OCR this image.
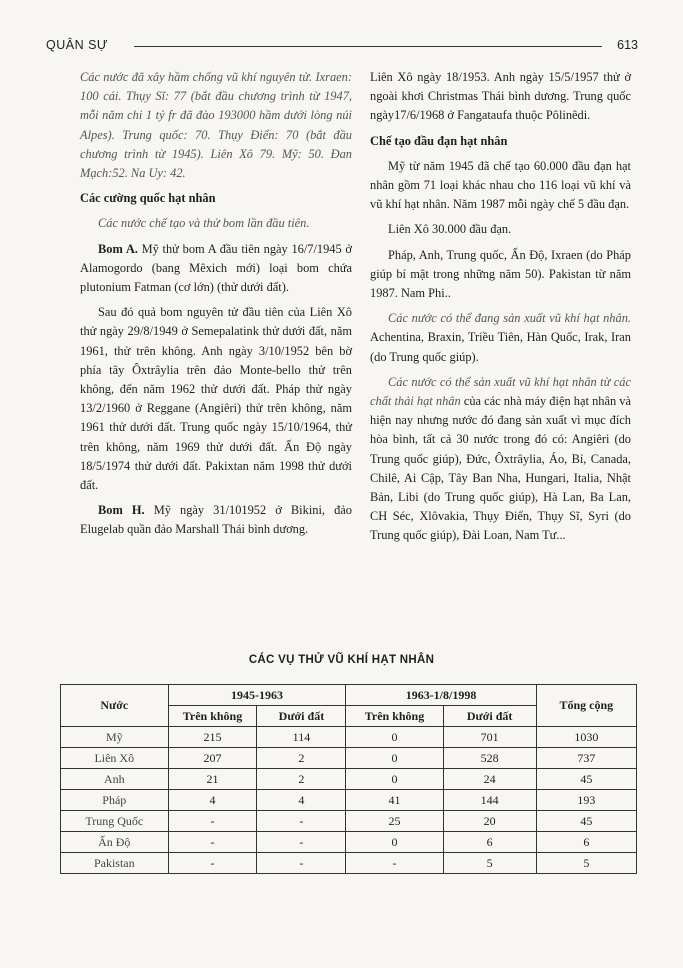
QUÂN SỰ	613

Các nước đã xây hầm chống vũ khí nguyên tử. Ixraen: 100 cái. Thụy Sĩ: 77 (bắt đầu chương trình từ 1947, mỗi năm chi 1 tỷ fr đã đào 193000 hầm dưới lòng núi Alpes). Trung quốc: 70. Thụy Điển: 70 (bắt đầu chương trình từ 1945). Liên Xô 79. Mỹ: 50. Đan Mạch:52. Na Uy: 42.

Các cường quốc hạt nhân

Các nước chế tạo và thử bom lần đầu tiên.

Bom A. Mỹ thử bom A đầu tiên ngày 16/7/1945 ở Alamogordo (bang Mêxich mới) loại bom chứa plutonium Fatman (cơ lớn) (thử dưới đất).

Sau đó quả bom nguyên tử đầu tiên của Liên Xô thử ngày 29/8/1949 ở Semepalatink thử dưới đất, năm 1961, thử trên không. Anh ngày 3/10/1952 bên bờ phía tây Ôxtrâylia trên đảo Monte-bello thử trên không, đến năm 1962 thử dưới đất. Pháp thử ngày 13/2/1960 ở Reggane (Angiêri) thử trên không, năm 1961 thử dưới đất. Trung quốc ngày 15/10/1964, thử trên không, năm 1969 thử dưới đất. Ấn Độ ngày 18/5/1974 thử dưới đất. Pakixtan năm 1998 thử dưới đất.

Bom H. Mỹ ngày 31/101952 ở Bikini, đảo Elugelab quần đảo Marshall Thái bình dương.

Liên Xô ngày 18/1953. Anh ngày 15/5/1957 thử ở ngoài khơi Christmas Thái bình dương. Trung quốc ngày17/6/1968 ở Fangataufa thuộc Pôlinêdi.

Chế tạo đầu đạn hạt nhân

Mỹ từ năm 1945 đã chế tạo 60.000 đầu đạn hạt nhân gồm 71 loại khác nhau cho 116 loại vũ khí và vũ khí hạt nhân. Năm 1987 mỗi ngày chế 5 đầu đạn.

Liên Xô 30.000 đầu đạn.

Pháp, Anh, Trung quốc, Ấn Độ, Ixraen (do Pháp giúp bí mật trong những năm 50). Pakistan từ năm 1987. Nam Phi..

Các nước có thể đang sản xuất vũ khí hạt nhân. Achentina, Braxin, Triều Tiên, Hàn Quốc, Irak, Iran (do Trung quốc giúp).

Các nước có thể sản xuất vũ khí hạt nhân từ các chất thải hạt nhân của các nhà máy điện hạt nhân và hiện nay nhưng nước đó đang sản xuất vì mục đích hòa bình, tất cả 30 nước trong đó có: Angiêri (do Trung quốc giúp), Đức, Ôxtrâylia, Áo, Bỉ, Canada, Chilê, Ai Cập, Tây Ban Nha, Hungari, Italia, Nhật Bản, Libi (do Trung quốc giúp), Hà Lan, Ba Lan, CH Séc, Xlôvakia, Thụy Điển, Thụy Sĩ, Syri (do Trung quốc giúp), Đài Loan, Nam Tư...

CÁC VỤ THỬ VŨ KHÍ HẠT NHÂN
Nước	1945-1963		1963-1/8/1998		Tổng cộng
	Trên không	Dưới đất	Trên không	Dưới đất	
Mỹ	215	114	0	701	1030
Liên Xô	207	2	0	528	737
Anh	21	2	0	24	45
Pháp	4	4	41	144	193
Trung Quốc	-	-	25	20	45
Ấn Độ	-	-	0	6	6
Pakistan	-	-	-	5	5
